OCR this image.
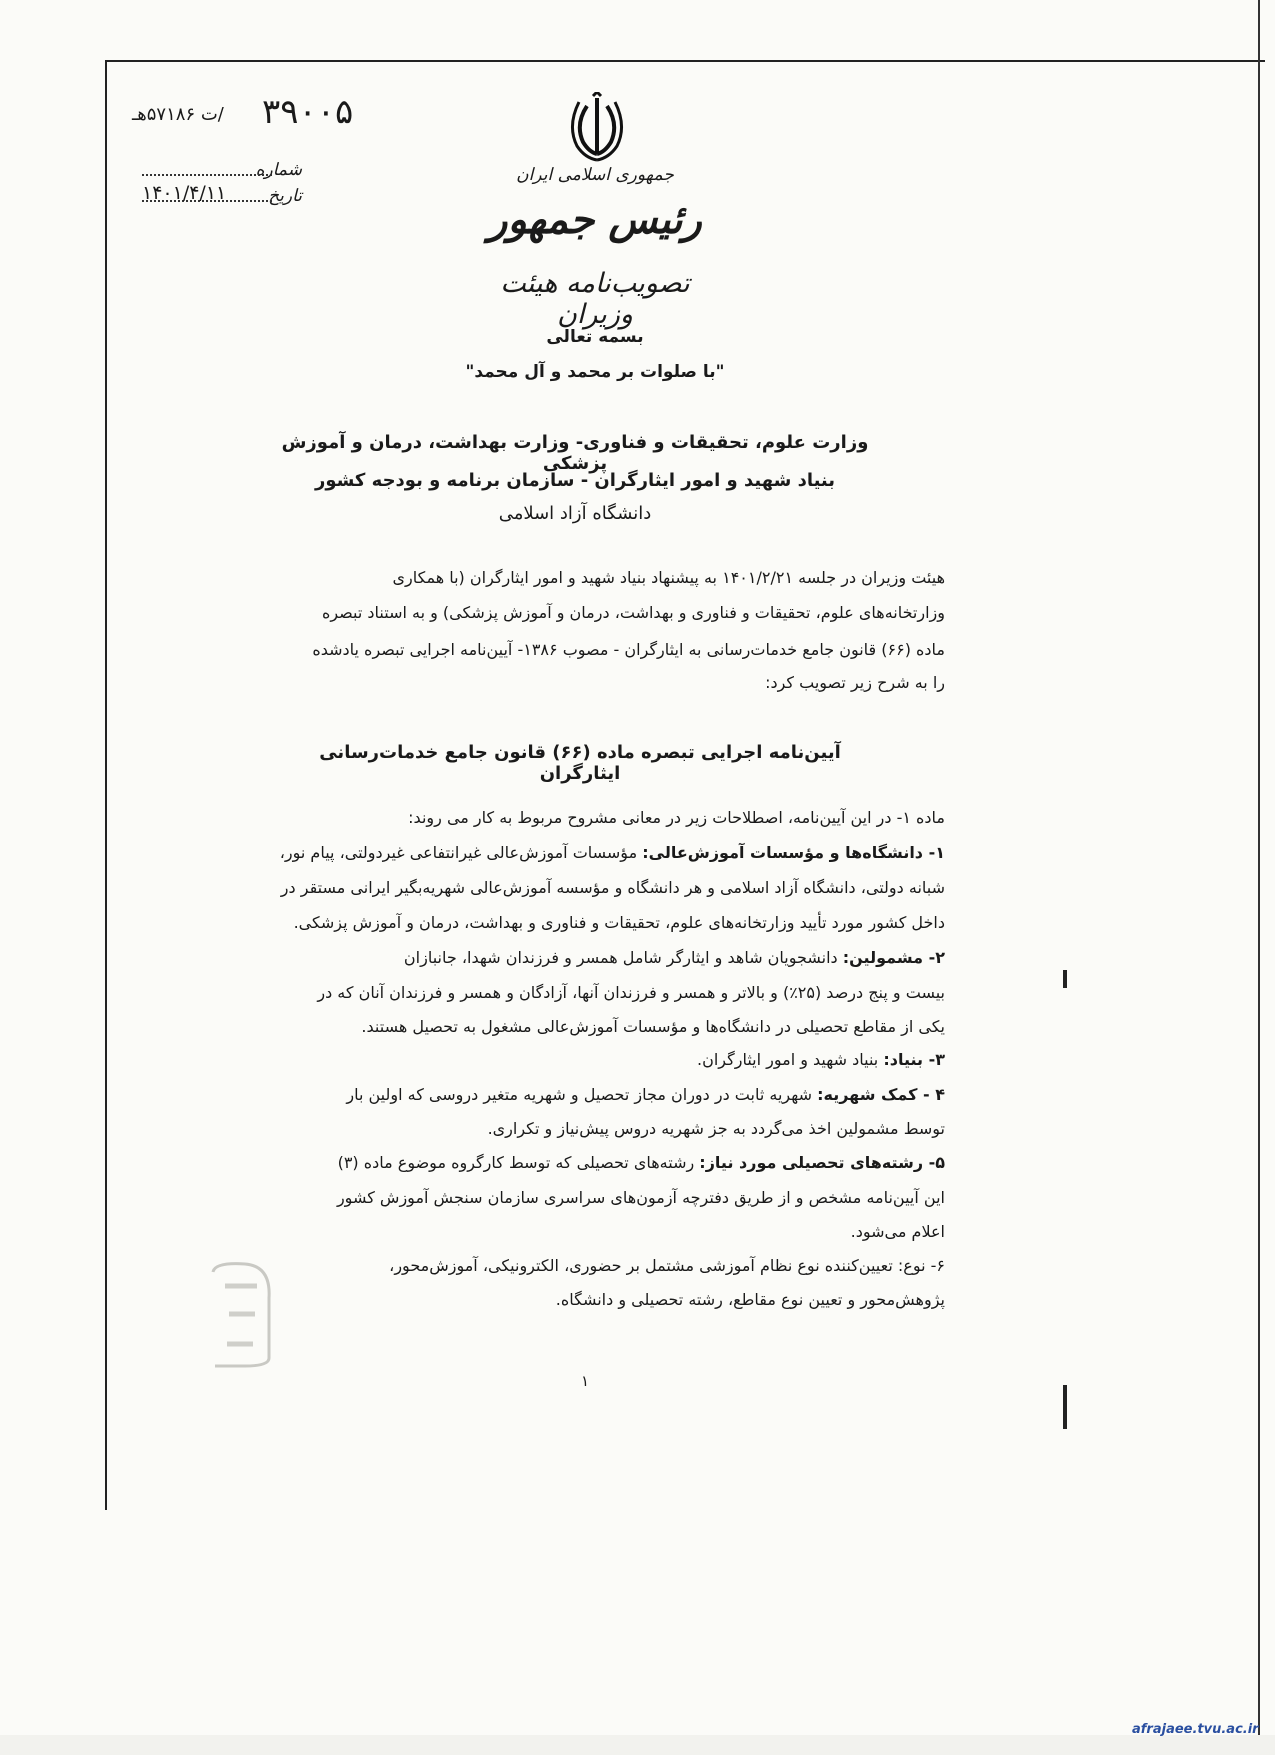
۳۹۰۰۵
/ت ۵۷۱۸۶هـ
شماره
تاریخ
۱۴۰۱/۴/۱۱
جمهوری اسلامی ایران
رئیس جمهور
تصویب‌نامه هیئت وزیران
بسمه تعالی
"با صلوات بر محمد و آل محمد"
وزارت علوم، تحقیقات و فناوری- وزارت بهداشت، درمان و آموزش پزشکی
بنیاد شهید و امور ایثارگران - سازمان برنامه و بودجه کشور
دانشگاه آزاد اسلامی
هیئت وزیران در جلسه ۱۴۰۱/۲/۲۱ به پیشنهاد بنیاد شهید و امور ایثارگران (با همکاری
وزارتخانه‌های علوم، تحقیقات و فناوری و بهداشت، درمان و آموزش پزشکی) و به استناد تبصره
ماده (۶۶) قانون جامع خدمات‌رسانی به ایثارگران - مصوب ۱۳۸۶- آیین‌نامه اجرایی تبصره یادشده
را به شرح زیر تصویب کرد:
آیین‌نامه اجرایی تبصره ماده (۶۶) قانون جامع خدمات‌رسانی ایثارگران
ماده ۱- در این آیین‌نامه، اصطلاحات زیر در معانی مشروح مربوط به کار می روند:
۱- دانشگاه‌ها و مؤسسات آموزش‌عالی: مؤسسات آموزش‌عالی غیرانتفاعی غیردولتی، پیام نور،
شبانه دولتی، دانشگاه آزاد اسلامی و هر دانشگاه و مؤسسه آموزش‌عالی شهریه‌بگیر ایرانی مستقر در
داخل کشور مورد تأیید وزارتخانه‌های علوم، تحقیقات و فناوری و بهداشت، درمان و آموزش پزشکی.
۲- مشمولین: دانشجویان شاهد و ایثارگر شامل همسر و فرزندان شهدا، جانبازان
بیست و پنج درصد (۲۵٪) و بالاتر و همسر و فرزندان آنها، آزادگان و همسر و فرزندان آنان که در
یکی از مقاطع تحصیلی در دانشگاه‌ها و مؤسسات آموزش‌عالی مشغول به تحصیل هستند.
۳- بنیاد: بنیاد شهید و امور ایثارگران.
۴ - کمک شهریه: شهریه ثابت در دوران مجاز تحصیل و شهریه متغیر دروسی که اولین بار
توسط مشمولین اخذ می‌گردد به جز شهریه دروس پیش‌نیاز و تکراری.
۵- رشته‌های تحصیلی مورد نیاز: رشته‌های تحصیلی که توسط کارگروه موضوع ماده (۳)
این آیین‌نامه مشخص و از طریق دفترچه آزمون‌های سراسری سازمان سنجش آموزش کشور
اعلام می‌شود.
۶- نوع: تعیین‌کننده نوع نظام آموزشی مشتمل بر حضوری، الکترونیکی، آموزش‌محور،
پژوهش‌محور و تعیین نوع مقاطع، رشته تحصیلی و دانشگاه.
۱
afrajaee.tvu.ac.ir
